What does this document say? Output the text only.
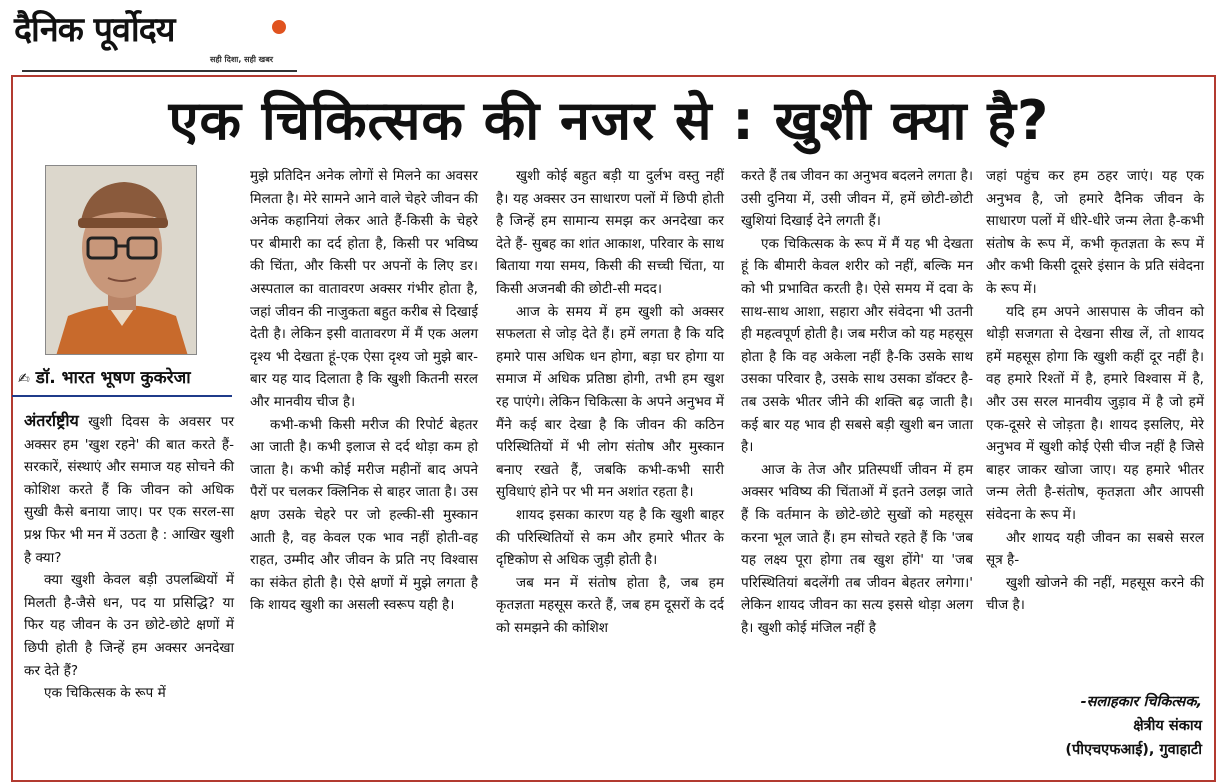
दैनिक पूर्वोदय
सही दिशा, सही खबर
एक चिकित्सक की नजर से : खुशी क्या है?
✍ डॉ. भारत भूषण कुकरेजा

अंतर्राष्ट्रीय खुशी दिवस के अवसर पर अक्सर हम 'खुश रहने' की बात करते हैं-सरकारें, संस्थाएं और समाज यह सोचने की कोशिश करते हैं कि जीवन को अधिक सुखी कैसे बनाया जाए। पर एक सरल-सा प्रश्न फिर भी मन में उठता है : आखिर खुशी है क्या?

क्या खुशी केवल बड़ी उपलब्धियों में मिलती है-जैसे धन, पद या प्रसिद्धि? या फिर यह जीवन के उन छोटे-छोटे क्षणों में छिपी होती है जिन्हें हम अक्सर अनदेखा कर देते हैं?

एक चिकित्सक के रूप में

मुझे प्रतिदिन अनेक लोगों से मिलने का अवसर मिलता है। मेरे सामने आने वाले चेहरे जीवन की अनेक कहानियां लेकर आते हैं-किसी के चेहरे पर बीमारी का दर्द होता है, किसी पर भविष्य की चिंता, और किसी पर अपनों के लिए डर। अस्पताल का वातावरण अक्सर गंभीर होता है, जहां जीवन की नाजुकता बहुत करीब से दिखाई देती है। लेकिन इसी वातावरण में मैं एक अलग दृश्य भी देखता हूं-एक ऐसा दृश्य जो मुझे बार-बार यह याद दिलाता है कि खुशी कितनी सरल और मानवीय चीज है।

कभी-कभी किसी मरीज की रिपोर्ट बेहतर आ जाती है। कभी इलाज से दर्द थोड़ा कम हो जाता है। कभी कोई मरीज महीनों बाद अपने पैरों पर चलकर क्लिनिक से बाहर जाता है। उस क्षण उसके चेहरे पर जो हल्की-सी मुस्कान आती है, वह केवल एक भाव नहीं होती-वह राहत, उम्मीद और जीवन के प्रति नए विश्वास का संकेत होती है। ऐसे क्षणों में मुझे लगता है कि शायद खुशी का असली स्वरूप यही है।

खुशी कोई बहुत बड़ी या दुर्लभ वस्तु नहीं है। यह अक्सर उन साधारण पलों में छिपी होती है जिन्हें हम सामान्य समझ कर अनदेखा कर देते हैं- सुबह का शांत आकाश, परिवार के साथ बिताया गया समय, किसी की सच्ची चिंता, या किसी अजनबी की छोटी-सी मदद।

आज के समय में हम खुशी को अक्सर सफलता से जोड़ देते हैं। हमें लगता है कि यदि हमारे पास अधिक धन होगा, बड़ा घर होगा या समाज में अधिक प्रतिष्ठा होगी, तभी हम खुश रह पाएंगे। लेकिन चिकित्सा के अपने अनुभव में मैंने कई बार देखा है कि जीवन की कठिन परिस्थितियों में भी लोग संतोष और मुस्कान बनाए रखते हैं, जबकि कभी-कभी सारी सुविधाएं होने पर भी मन अशांत रहता है।

शायद इसका कारण यह है कि खुशी बाहर की परिस्थितियों से कम और हमारे भीतर के दृष्टिकोण से अधिक जुड़ी होती है।

जब मन में संतोष होता है, जब हम कृतज्ञता महसूस करते हैं, जब हम दूसरों के दर्द को समझने की कोशिश

करते हैं तब जीवन का अनुभव बदलने लगता है। उसी दुनिया में, उसी जीवन में, हमें छोटी-छोटी खुशियां दिखाई देने लगती हैं।

एक चिकित्सक के रूप में मैं यह भी देखता हूं कि बीमारी केवल शरीर को नहीं, बल्कि मन को भी प्रभावित करती है। ऐसे समय में दवा के साथ-साथ आशा, सहारा और संवेदना भी उतनी ही महत्वपूर्ण होती है। जब मरीज को यह महसूस होता है कि वह अकेला नहीं है-कि उसके साथ उसका परिवार है, उसके साथ उसका डॉक्टर है-तब उसके भीतर जीने की शक्ति बढ़ जाती है। कई बार यह भाव ही सबसे बड़ी खुशी बन जाता है।

आज के तेज और प्रतिस्पर्धी जीवन में हम अक्सर भविष्य की चिंताओं में इतने उलझ जाते हैं कि वर्तमान के छोटे-छोटे सुखों को महसूस करना भूल जाते हैं। हम सोचते रहते हैं कि 'जब यह लक्ष्य पूरा होगा तब खुश होंगे' या 'जब परिस्थितियां बदलेंगी तब जीवन बेहतर लगेगा।' लेकिन शायद जीवन का सत्य इससे थोड़ा अलग है। खुशी कोई मंजिल नहीं है

जहां पहुंच कर हम ठहर जाएं। यह एक अनुभव है, जो हमारे दैनिक जीवन के साधारण पलों में धीरे-धीरे जन्म लेता है-कभी संतोष के रूप में, कभी कृतज्ञता के रूप में और कभी किसी दूसरे इंसान के प्रति संवेदना के रूप में।

यदि हम अपने आसपास के जीवन को थोड़ी सजगता से देखना सीख लें, तो शायद हमें महसूस होगा कि खुशी कहीं दूर नहीं है। वह हमारे रिश्तों में है, हमारे विश्वास में है, और उस सरल मानवीय जुड़ाव में है जो हमें एक-दूसरे से जोड़ता है। शायद इसलिए, मेरे अनुभव में खुशी कोई ऐसी चीज नहीं है जिसे बाहर जाकर खोजा जाए। यह हमारे भीतर जन्म लेती है-संतोष, कृतज्ञता और आपसी संवेदना के रूप में।

और शायद यही जीवन का सबसे सरल सूत्र है-

खुशी खोजने की नहीं, महसूस करने की चीज है।

-सलाहकार चिकित्सक,
क्षेत्रीय संकाय
(पीएचएफआई), गुवाहाटी
